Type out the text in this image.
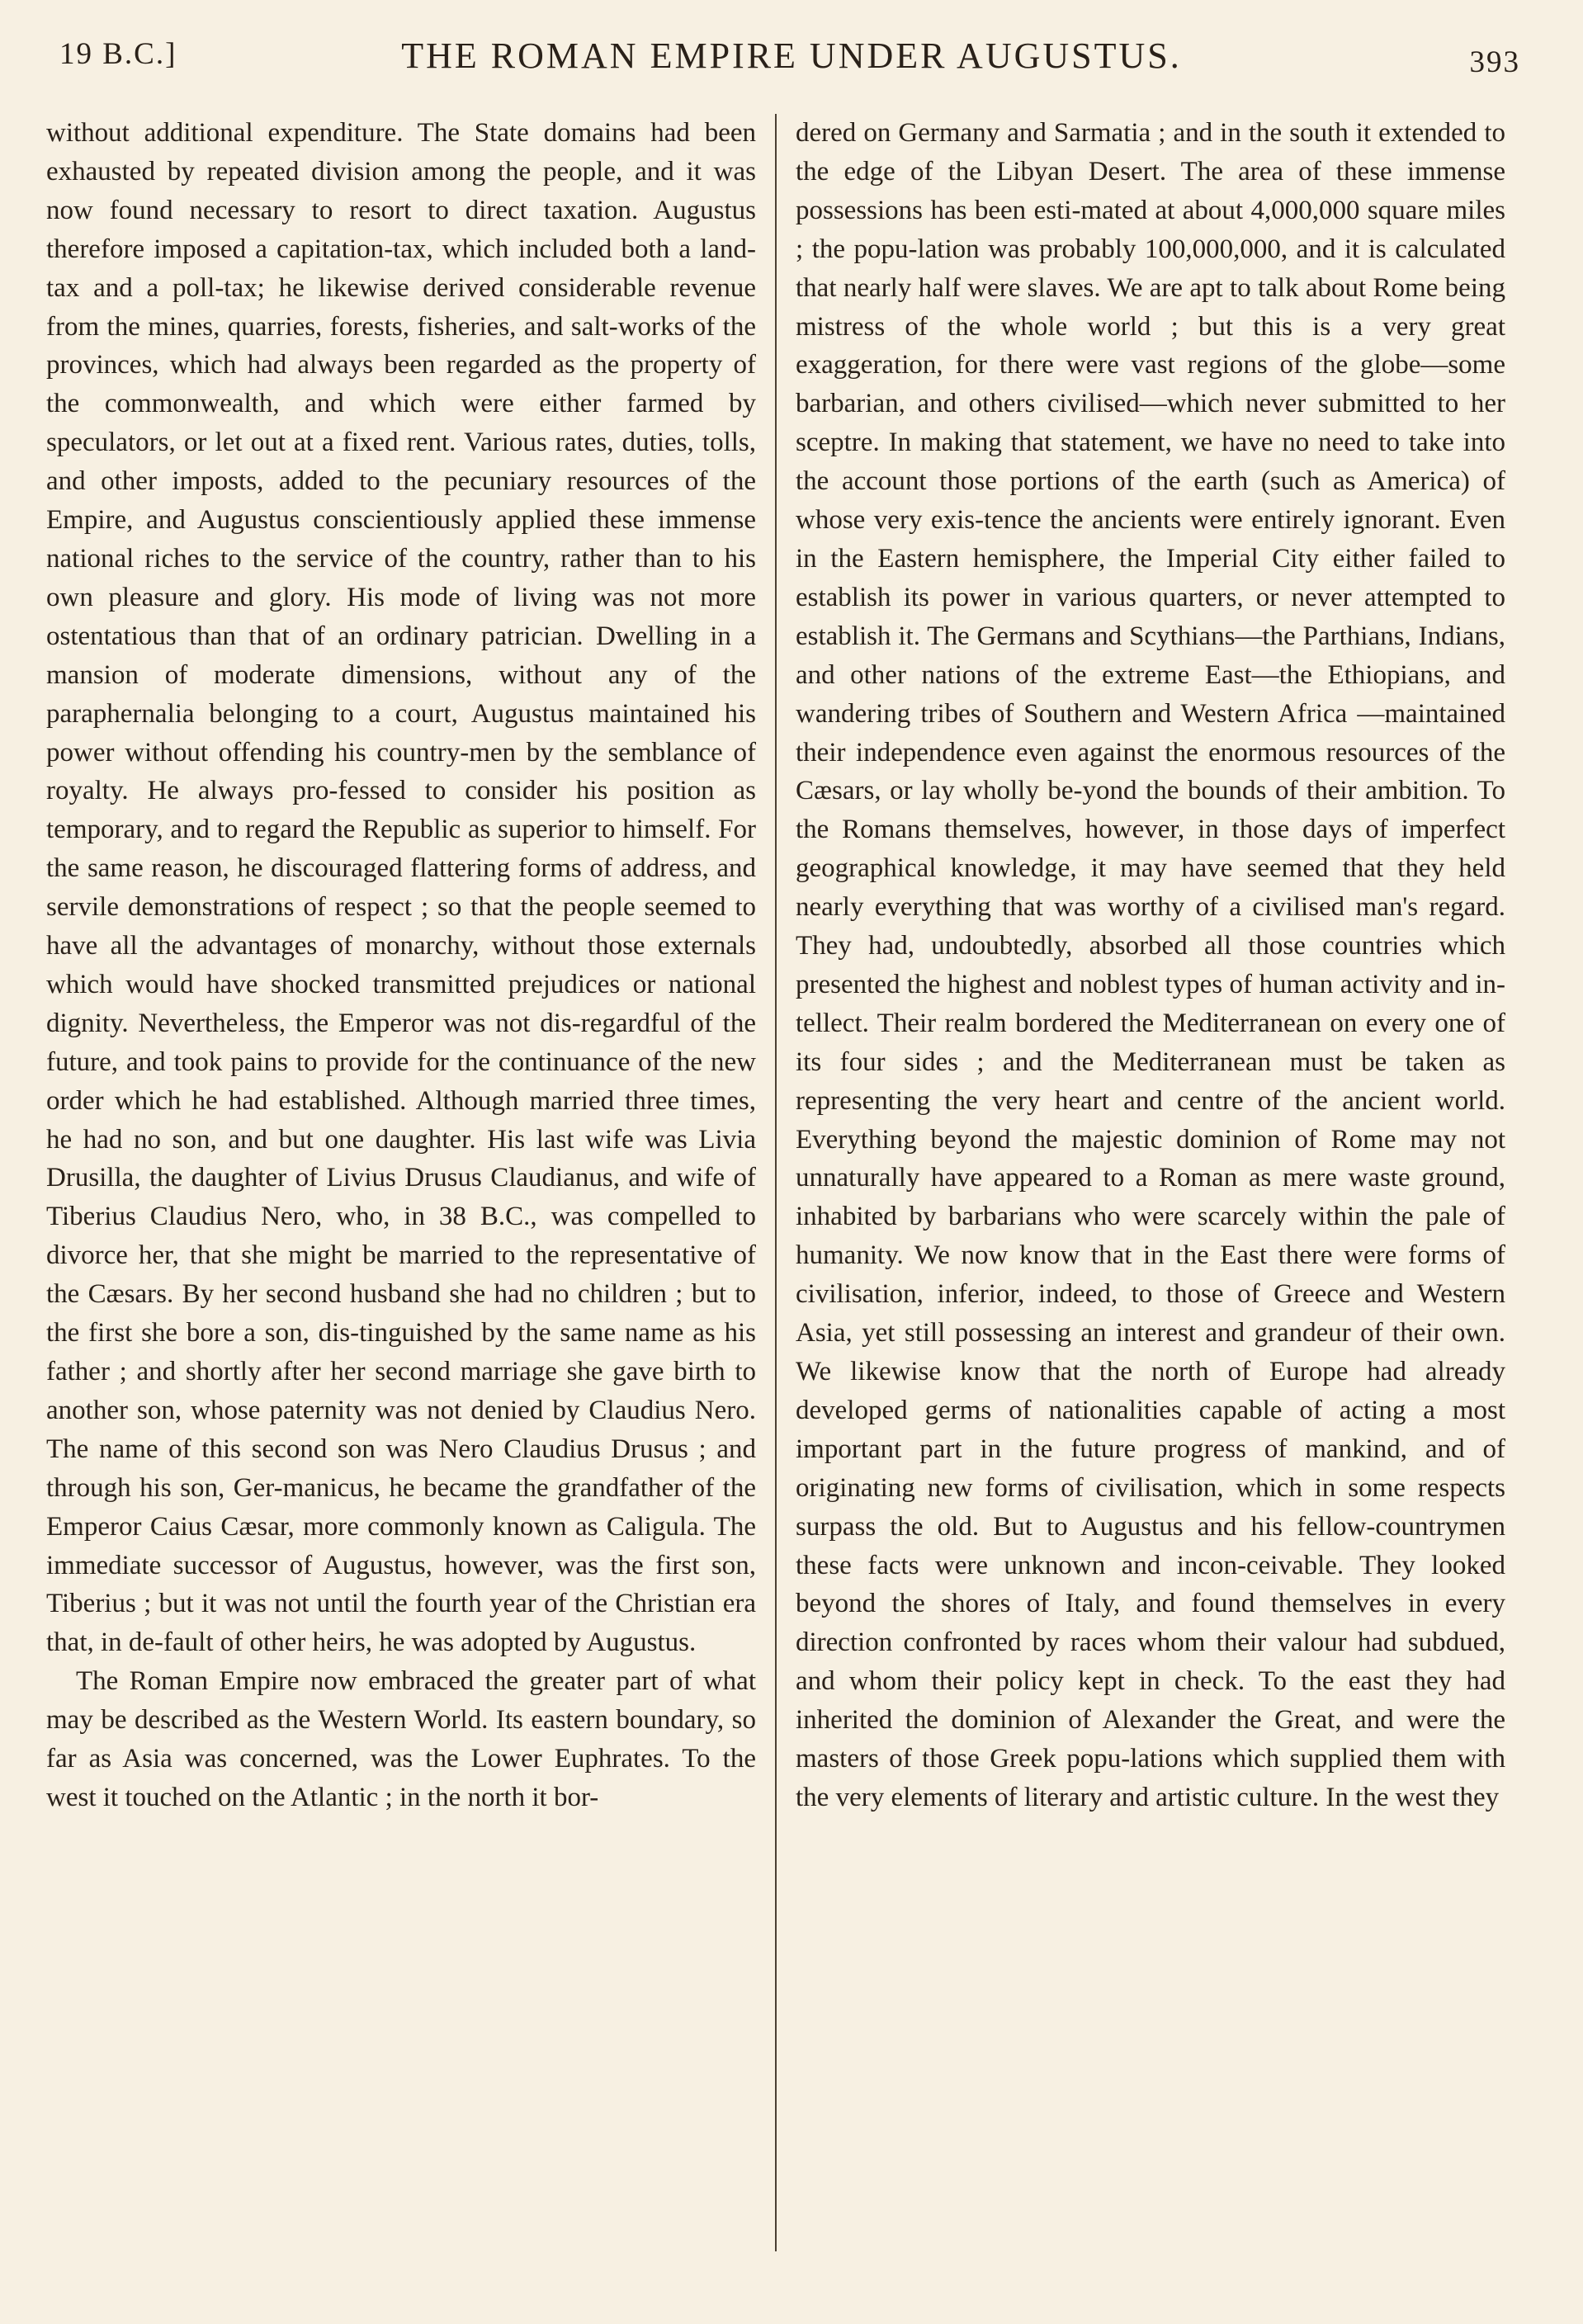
19 B.C.]	THE ROMAN EMPIRE UNDER AUGUSTUS.	393

without additional expenditure. The State domains had been exhausted by repeated division among the people, and it was now found necessary to resort to direct taxation. Augustus therefore imposed a capitation-tax, which included both a land-tax and a poll-tax; he likewise derived considerable revenue from the mines, quarries, forests, fisheries, and salt-works of the provinces, which had always been regarded as the property of the commonwealth, and which were either farmed by speculators, or let out at a fixed rent. Various rates, duties, tolls, and other imposts, added to the pecuniary resources of the Empire, and Augustus conscientiously applied these immense national riches to the service of the country, rather than to his own pleasure and glory. His mode of living was not more ostentatious than that of an ordinary patrician. Dwelling in a mansion of moderate dimensions, without any of the paraphernalia belonging to a court, Augustus maintained his power without offending his country-men by the semblance of royalty. He always pro-fessed to consider his position as temporary, and to regard the Republic as superior to himself. For the same reason, he discouraged flattering forms of address, and servile demonstrations of respect ; so that the people seemed to have all the advantages of monarchy, without those externals which would have shocked transmitted prejudices or national dignity. Nevertheless, the Emperor was not dis-regardful of the future, and took pains to provide for the continuance of the new order which he had established. Although married three times, he had no son, and but one daughter. His last wife was Livia Drusilla, the daughter of Livius Drusus Claudianus, and wife of Tiberius Claudius Nero, who, in 38 B.C., was compelled to divorce her, that she might be married to the representative of the Cæsars. By her second husband she had no children ; but to the first she bore a son, dis-tinguished by the same name as his father ; and shortly after her second marriage she gave birth to another son, whose paternity was not denied by Claudius Nero. The name of this second son was Nero Claudius Drusus ; and through his son, Ger-manicus, he became the grandfather of the Emperor Caius Cæsar, more commonly known as Caligula. The immediate successor of Augustus, however, was the first son, Tiberius ; but it was not until the fourth year of the Christian era that, in de-fault of other heirs, he was adopted by Augustus.

The Roman Empire now embraced the greater part of what may be described as the Western World. Its eastern boundary, so far as Asia was concerned, was the Lower Euphrates. To the west it touched on the Atlantic ; in the north it bor-

dered on Germany and Sarmatia ; and in the south it extended to the edge of the Libyan Desert. The area of these immense possessions has been esti-mated at about 4,000,000 square miles ; the popu-lation was probably 100,000,000, and it is calculated that nearly half were slaves. We are apt to talk about Rome being mistress of the whole world ; but this is a very great exaggeration, for there were vast regions of the globe—some barbarian, and others civilised—which never submitted to her sceptre. In making that statement, we have no need to take into the account those portions of the earth (such as America) of whose very exis-tence the ancients were entirely ignorant. Even in the Eastern hemisphere, the Imperial City either failed to establish its power in various quarters, or never attempted to establish it. The Germans and Scythians—the Parthians, Indians, and other nations of the extreme East—the Ethiopians, and wandering tribes of Southern and Western Africa —maintained their independence even against the enormous resources of the Cæsars, or lay wholly be-yond the bounds of their ambition. To the Romans themselves, however, in those days of imperfect geographical knowledge, it may have seemed that they held nearly everything that was worthy of a civilised man's regard. They had, undoubtedly, absorbed all those countries which presented the highest and noblest types of human activity and in-tellect. Their realm bordered the Mediterranean on every one of its four sides ; and the Mediterranean must be taken as representing the very heart and centre of the ancient world. Everything beyond the majestic dominion of Rome may not unnaturally have appeared to a Roman as mere waste ground, inhabited by barbarians who were scarcely within the pale of humanity. We now know that in the East there were forms of civilisation, inferior, indeed, to those of Greece and Western Asia, yet still possessing an interest and grandeur of their own. We likewise know that the north of Europe had already developed germs of nationalities capable of acting a most important part in the future progress of mankind, and of originating new forms of civilisation, which in some respects surpass the old. But to Augustus and his fellow-countrymen these facts were unknown and incon-ceivable. They looked beyond the shores of Italy, and found themselves in every direction confronted by races whom their valour had subdued, and whom their policy kept in check. To the east they had inherited the dominion of Alexander the Great, and were the masters of those Greek popu-lations which supplied them with the very elements of literary and artistic culture. In the west they
